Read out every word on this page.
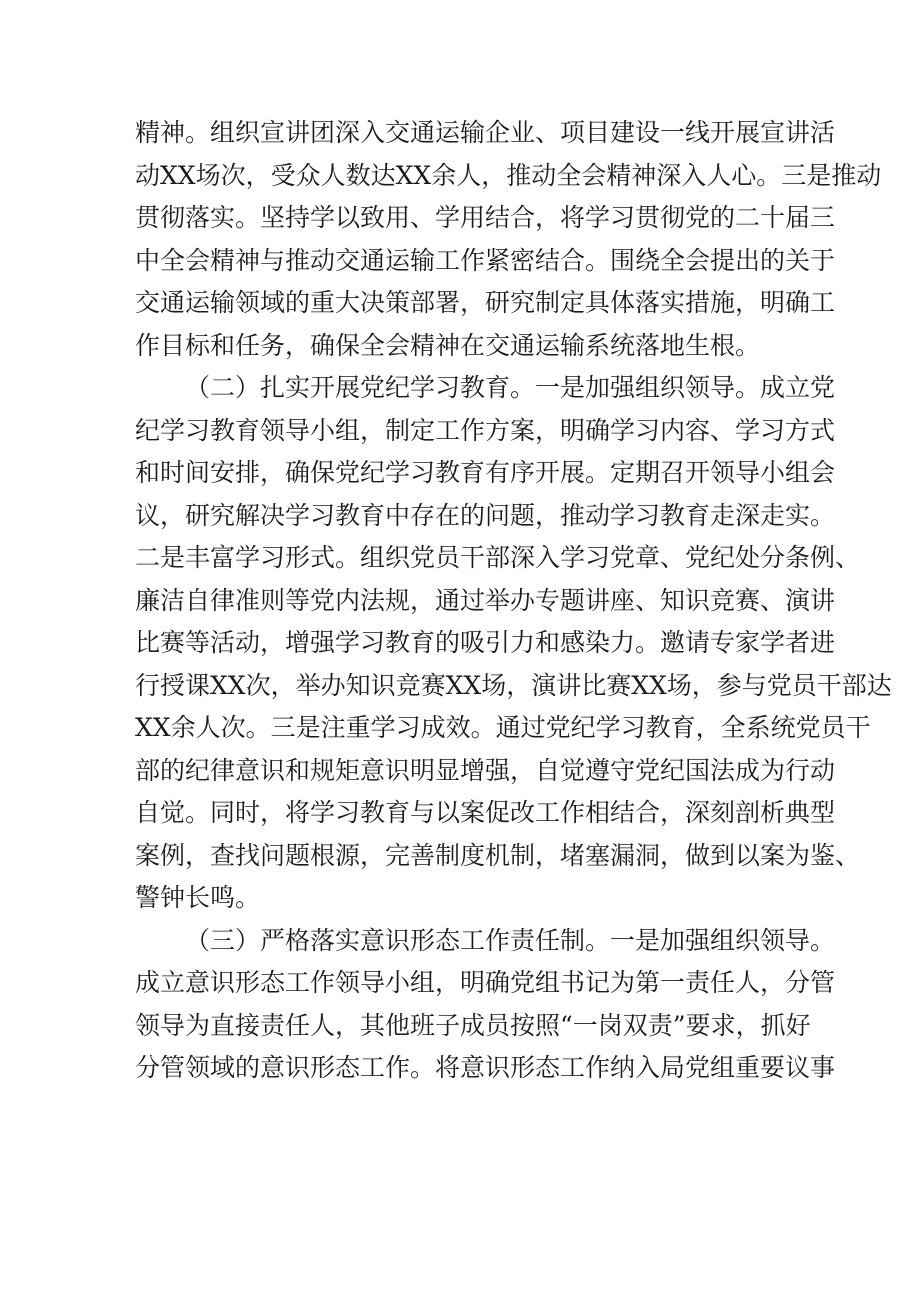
精神。组织宣讲团深入交通运输企业、项目建设一线开展宣讲活
动XX场次，受众人数达XX余人，推动全会精神深入人心。三是推动
贯彻落实。坚持学以致用、学用结合，将学习贯彻党的二十届三
中全会精神与推动交通运输工作紧密结合。围绕全会提出的关于
交通运输领域的重大决策部署，研究制定具体落实措施，明确工
作目标和任务，确保全会精神在交通运输系统落地生根。
（二）扎实开展党纪学习教育。一是加强组织领导。成立党
纪学习教育领导小组，制定工作方案，明确学习内容、学习方式
和时间安排，确保党纪学习教育有序开展。定期召开领导小组会
议，研究解决学习教育中存在的问题，推动学习教育走深走实。
二是丰富学习形式。组织党员干部深入学习党章、党纪处分条例、
廉洁自律准则等党内法规，通过举办专题讲座、知识竞赛、演讲
比赛等活动，增强学习教育的吸引力和感染力。邀请专家学者进
行授课XX次，举办知识竞赛XX场，演讲比赛XX场，参与党员干部达
XX余人次。三是注重学习成效。通过党纪学习教育，全系统党员干
部的纪律意识和规矩意识明显增强，自觉遵守党纪国法成为行动
自觉。同时，将学习教育与以案促改工作相结合，深刻剖析典型
案例，查找问题根源，完善制度机制，堵塞漏洞，做到以案为鉴、
警钟长鸣。
（三）严格落实意识形态工作责任制。一是加强组织领导。
成立意识形态工作领导小组，明确党组书记为第一责任人，分管
领导为直接责任人，其他班子成员按照“一岗双责”要求，抓好
分管领域的意识形态工作。将意识形态工作纳入局党组重要议事
